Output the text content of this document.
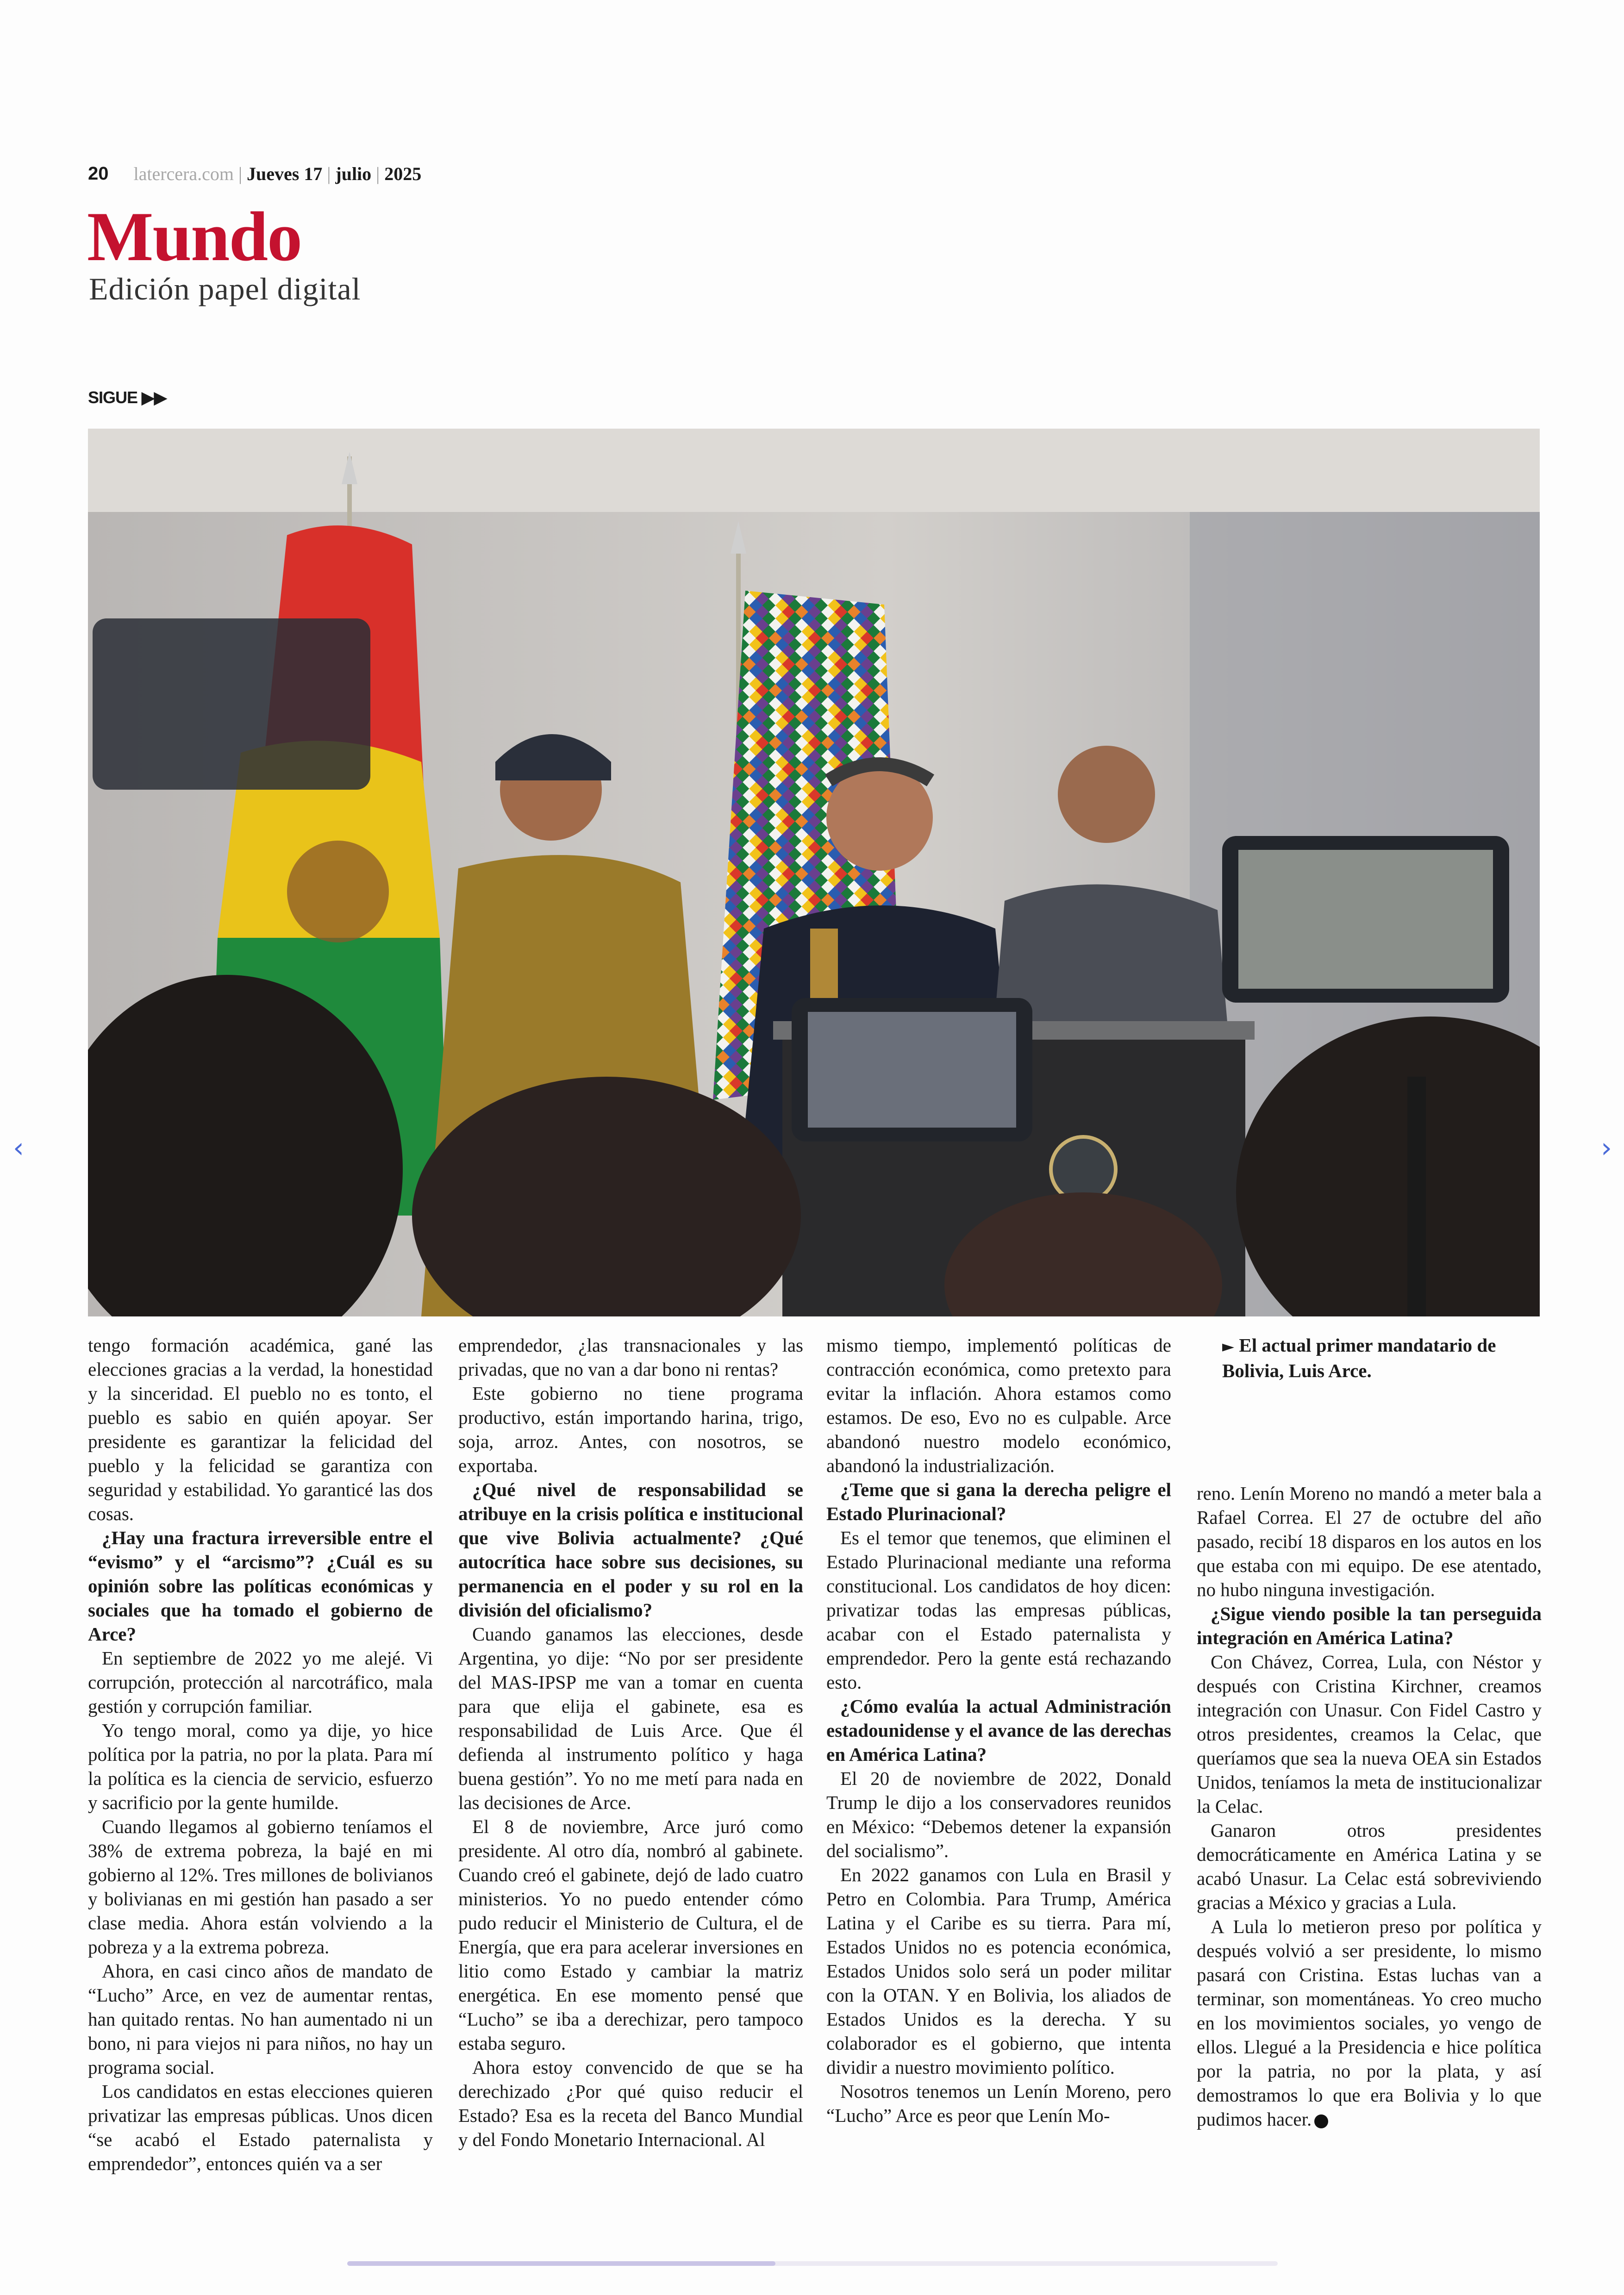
20 latercera.com | Jueves 17 | julio | 2025
Mundo
Edición papel digital
SIGUE ▶▶
‹	›

tengo formación académica, gané las elecciones gracias a la verdad, la honestidad y la sinceridad. El pueblo no es tonto, el pueblo es sabio en quién apoyar. Ser presidente es garantizar la felicidad del pueblo y la felicidad se garantiza con seguridad y estabilidad. Yo garanticé las dos cosas.

¿Hay una fractura irreversible entre el “evismo” y el “arcismo”? ¿Cuál es su opinión sobre las políticas económicas y sociales que ha tomado el gobierno de Arce?

En septiembre de 2022 yo me alejé. Vi corrupción, protección al narcotráfico, mala gestión y corrupción familiar.

Yo tengo moral, como ya dije, yo hice política por la patria, no por la plata. Para mí la política es la ciencia de servicio, esfuerzo y sacrificio por la gente humilde.

Cuando llegamos al gobierno teníamos el 38% de extrema pobreza, la bajé en mi gobierno al 12%. Tres millones de bolivianos y bolivianas en mi gestión han pasado a ser clase media. Ahora están volviendo a la pobreza y a la extrema pobreza.

Ahora, en casi cinco años de mandato de “Lucho” Arce, en vez de aumentar rentas, han quitado rentas. No han aumentado ni un bono, ni para viejos ni para niños, no hay un programa social.

Los candidatos en estas elecciones quieren privatizar las empresas públicas. Unos dicen “se acabó el Estado paternalista y emprendedor”, entonces quién va a ser

emprendedor, ¿las transnacionales y las privadas, que no van a dar bono ni rentas?

Este gobierno no tiene programa productivo, están importando harina, trigo, soja, arroz. Antes, con nosotros, se exportaba.

¿Qué nivel de responsabilidad se atribuye en la crisis política e institucional que vive Bolivia actualmente? ¿Qué autocrítica hace sobre sus decisiones, su permanencia en el poder y su rol en la división del oficialismo?

Cuando ganamos las elecciones, desde Argentina, yo dije: “No por ser presidente del MAS-IPSP me van a tomar en cuenta para que elija el gabinete, esa es responsabilidad de Luis Arce. Que él defienda al instrumento político y haga buena gestión”. Yo no me metí para nada en las decisiones de Arce.

El 8 de noviembre, Arce juró como presidente. Al otro día, nombró al gabinete. Cuando creó el gabinete, dejó de lado cuatro ministerios. Yo no puedo entender cómo pudo reducir el Ministerio de Cultura, el de Energía, que era para acelerar inversiones en litio como Estado y cambiar la matriz energética. En ese momento pensé que “Lucho” se iba a derechizar, pero tampoco estaba seguro.

Ahora estoy convencido de que se ha derechizado ¿Por qué quiso reducir el Estado? Esa es la receta del Banco Mundial y del Fondo Monetario Internacional. Al

mismo tiempo, implementó políticas de contracción económica, como pretexto para evitar la inflación. Ahora estamos como estamos. De eso, Evo no es culpable. Arce abandonó nuestro modelo económico, abandonó la industrialización.

¿Teme que si gana la derecha peligre el Estado Plurinacional?

Es el temor que tenemos, que eliminen el Estado Plurinacional mediante una reforma constitucional. Los candidatos de hoy dicen: privatizar todas las empresas públicas, acabar con el Estado paternalista y emprendedor. Pero la gente está rechazando esto.

¿Cómo evalúa la actual Administración estadounidense y el avance de las derechas en América Latina?

El 20 de noviembre de 2022, Donald Trump le dijo a los conservadores reunidos en México: “Debemos detener la expansión del socialismo”.

En 2022 ganamos con Lula en Brasil y Petro en Colombia. Para Trump, América Latina y el Caribe es su tierra. Para mí, Estados Unidos no es potencia económica, Estados Unidos solo será un poder militar con la OTAN. Y en Bolivia, los aliados de Estados Unidos es la derecha. Y su colaborador es el gobierno, que intenta dividir a nuestro movimiento político.

Nosotros tenemos un Lenín Moreno, pero “Lucho” Arce es peor que Lenín Mo-

reno. Lenín Moreno no mandó a meter bala a Rafael Correa. El 27 de octubre del año pasado, recibí 18 disparos en los autos en los que estaba con mi equipo. De ese atentado, no hubo ninguna investigación.

¿Sigue viendo posible la tan perseguida integración en América Latina?

Con Chávez, Correa, Lula, con Néstor y después con Cristina Kirchner, creamos integración con Unasur. Con Fidel Castro y otros presidentes, creamos la Celac, que queríamos que sea la nueva OEA sin Estados Unidos, teníamos la meta de institucionalizar la Celac.

Ganaron otros presidentes democráticamente en América Latina y se acabó Unasur. La Celac está sobreviviendo gracias a México y gracias a Lula.

A Lula lo metieron preso por política y después volvió a ser presidente, lo mismo pasará con Cristina. Estas luchas van a terminar, son momentáneas. Yo creo mucho en los movimientos sociales, yo vengo de ellos. Llegué a la Presidencia e hice política por la patria, no por la plata, y así demostramos lo que era Bolivia y lo que pudimos hacer.

► El actual primer mandatario de Bolivia, Luis Arce.
